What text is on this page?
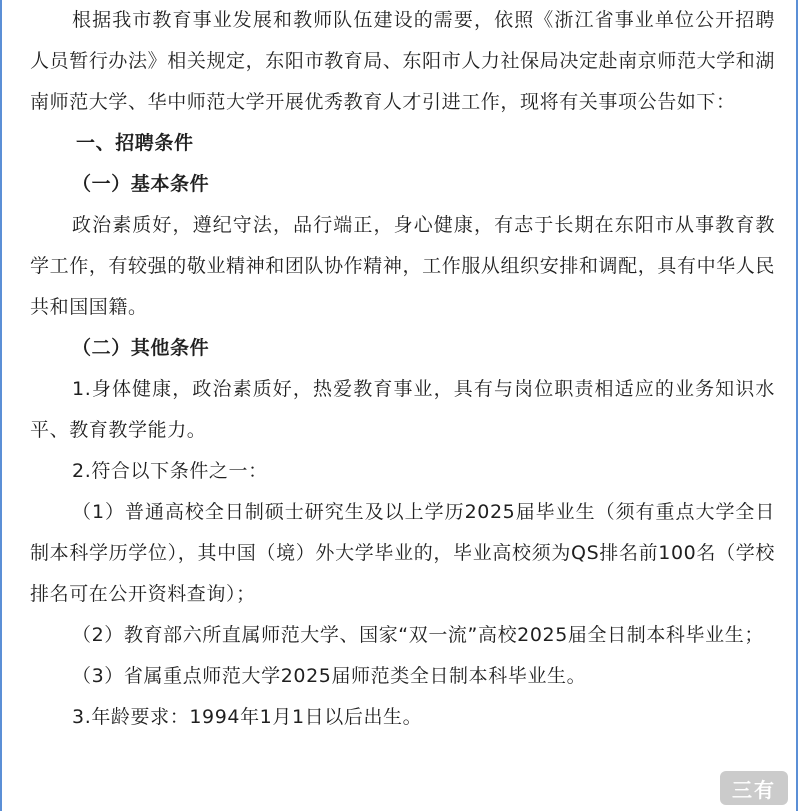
根据我市教育事业发展和教师队伍建设的需要，依照《浙江省事业单位公开招聘人员暂行办法》相关规定，东阳市教育局、东阳市人力社保局决定赴南京师范大学和湖南师范大学、华中师范大学开展优秀教育人才引进工作，现将有关事项公告如下：

一、招聘条件

（一）基本条件

政治素质好，遵纪守法，品行端正，身心健康，有志于长期在东阳市从事教育教学工作，有较强的敬业精神和团队协作精神，工作服从组织安排和调配，具有中华人民共和国国籍。

（二）其他条件

1.身体健康，政治素质好，热爱教育事业，具有与岗位职责相适应的业务知识水平、教育教学能力。

2.符合以下条件之一：

（1）普通高校全日制硕士研究生及以上学历2025届毕业生（须有重点大学全日制本科学历学位），其中国（境）外大学毕业的，毕业高校须为QS排名前100名（学校排名可在公开资料查询）；

（2）教育部六所直属师范大学、国家“双一流”高校2025届全日制本科毕业生；

（3）省属重点师范大学2025届师范类全日制本科毕业生。

3.年龄要求：1994年1月1日以后出生。

三有
